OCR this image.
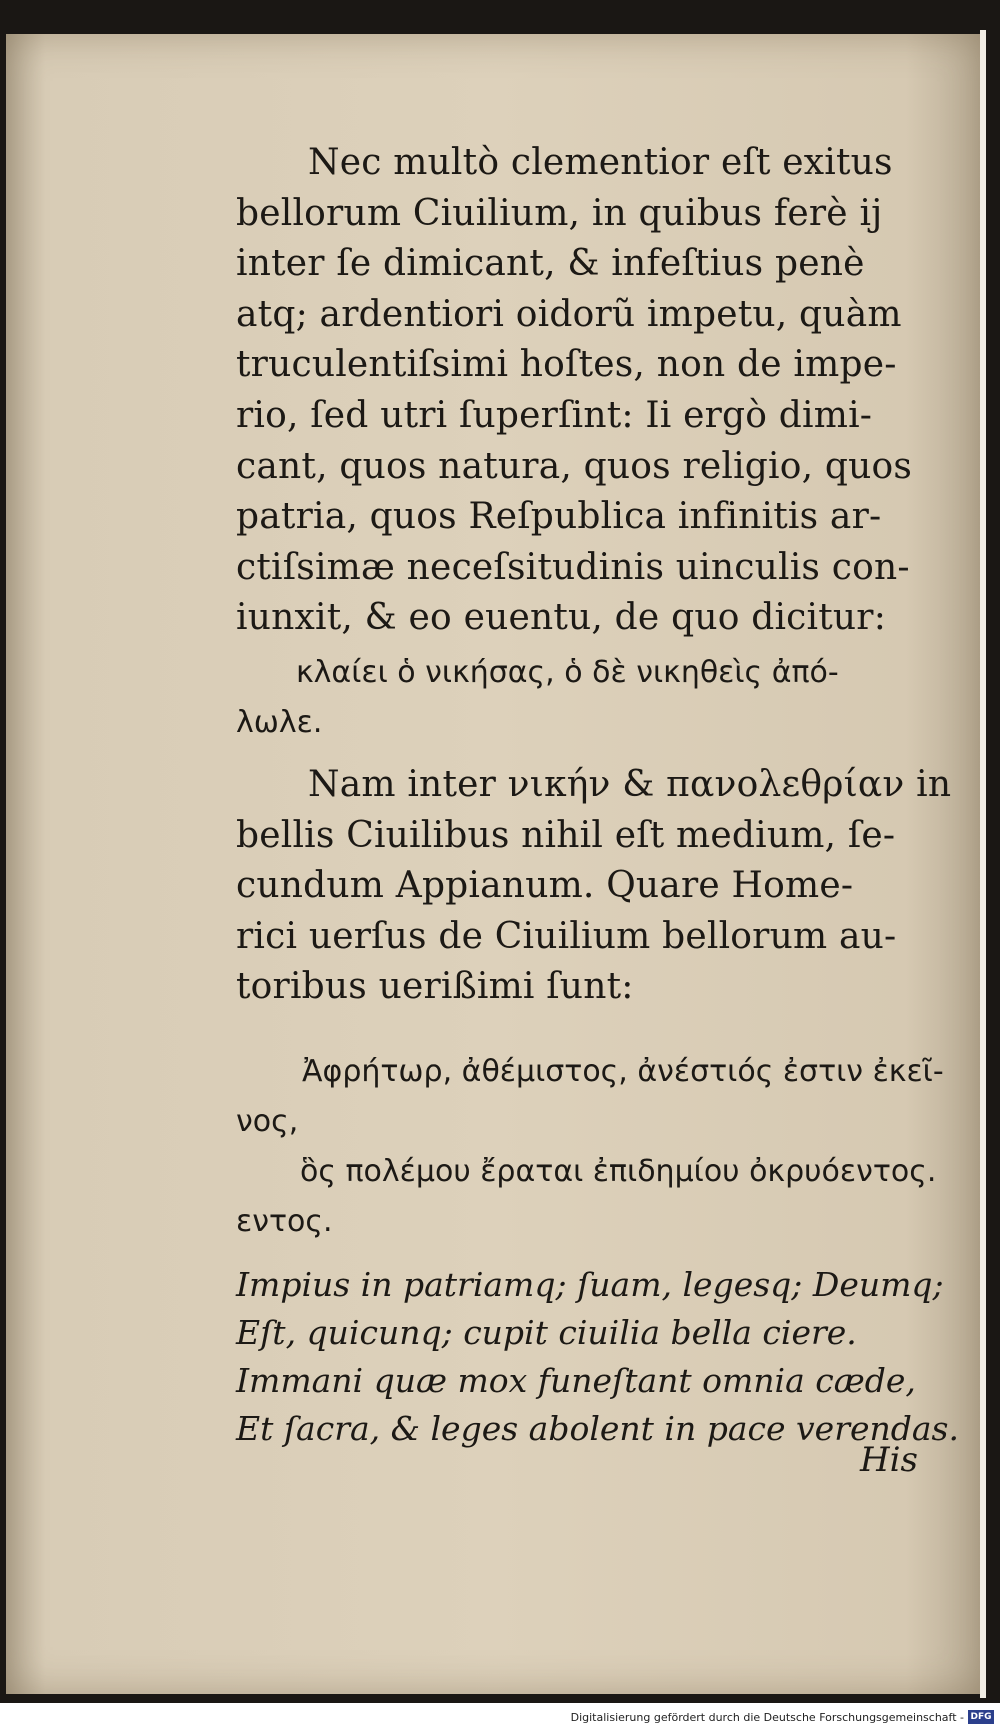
Nec multò clementior eſt exitus
bellorum Ciuilium, in quibus ferè ij
inter ſe dimicant, & infeſtius penè
atq; ardentiori oidorũ impetu, quàm
truculentiſsimi hoſtes, non de impe-
rio, ſed utri ſuperſint: Ii ergò dimi-
cant, quos natura, quos religio, quos
patria, quos Reſpublica infinitis ar-
ctiſsimæ neceſsitudinis uinculis con-
iunxit, & eo euentu, de quo dicitur:
κλαίει ὁ νικήσας, ὁ δὲ νικηθεὶς ἀπό-
λωλε.
Nam inter νικήν & πανολεθρίαν in
bellis Ciuilibus nihil eſt medium, ſe-
cundum Appianum. Quare Home-
rici uerſus de Ciuilium bellorum au-
toribus uerißimi ſunt:
Ἀφρήτωρ, ἀθέμιστος, ἀνέστιός ἐστιν ἐκεῖ-
νος,
ὃς πολέμου ἔραται ἐπιδημίου ὀκρυόεντος.
εντος.
Impius in patriamq; ſuam, legesq; Deumq;
Eſt, quicunq; cupit ciuilia bella ciere.
Immani quæ mox funeſtant omnia cæde,
Et ſacra, & leges abolent in pace verendas.
His
Digitalisierung gefördert durch die Deutsche Forschungsgemeinschaft - DFG
